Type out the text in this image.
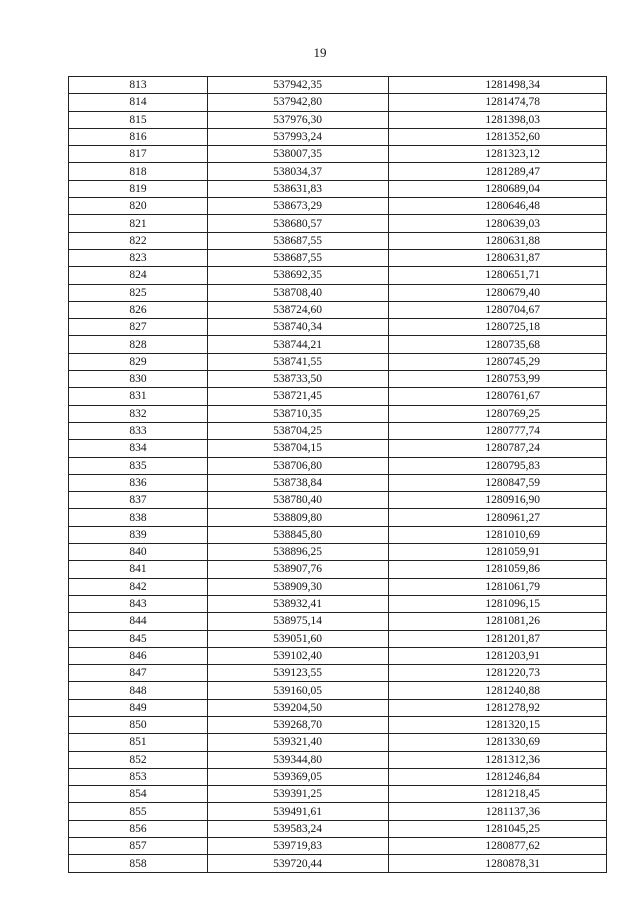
19
813	537942,35	1281498,34
814	537942,80	1281474,78
815	537976,30	1281398,03
816	537993,24	1281352,60
817	538007,35	1281323,12
818	538034,37	1281289,47
819	538631,83	1280689,04
820	538673,29	1280646,48
821	538680,57	1280639,03
822	538687,55	1280631,88
823	538687,55	1280631,87
824	538692,35	1280651,71
825	538708,40	1280679,40
826	538724,60	1280704,67
827	538740,34	1280725,18
828	538744,21	1280735,68
829	538741,55	1280745,29
830	538733,50	1280753,99
831	538721,45	1280761,67
832	538710,35	1280769,25
833	538704,25	1280777,74
834	538704,15	1280787,24
835	538706,80	1280795,83
836	538738,84	1280847,59
837	538780,40	1280916,90
838	538809,80	1280961,27
839	538845,80	1281010,69
840	538896,25	1281059,91
841	538907,76	1281059,86
842	538909,30	1281061,79
843	538932,41	1281096,15
844	538975,14	1281081,26
845	539051,60	1281201,87
846	539102,40	1281203,91
847	539123,55	1281220,73
848	539160,05	1281240,88
849	539204,50	1281278,92
850	539268,70	1281320,15
851	539321,40	1281330,69
852	539344,80	1281312,36
853	539369,05	1281246,84
854	539391,25	1281218,45
855	539491,61	1281137,36
856	539583,24	1281045,25
857	539719,83	1280877,62
858	539720,44	1280878,31
